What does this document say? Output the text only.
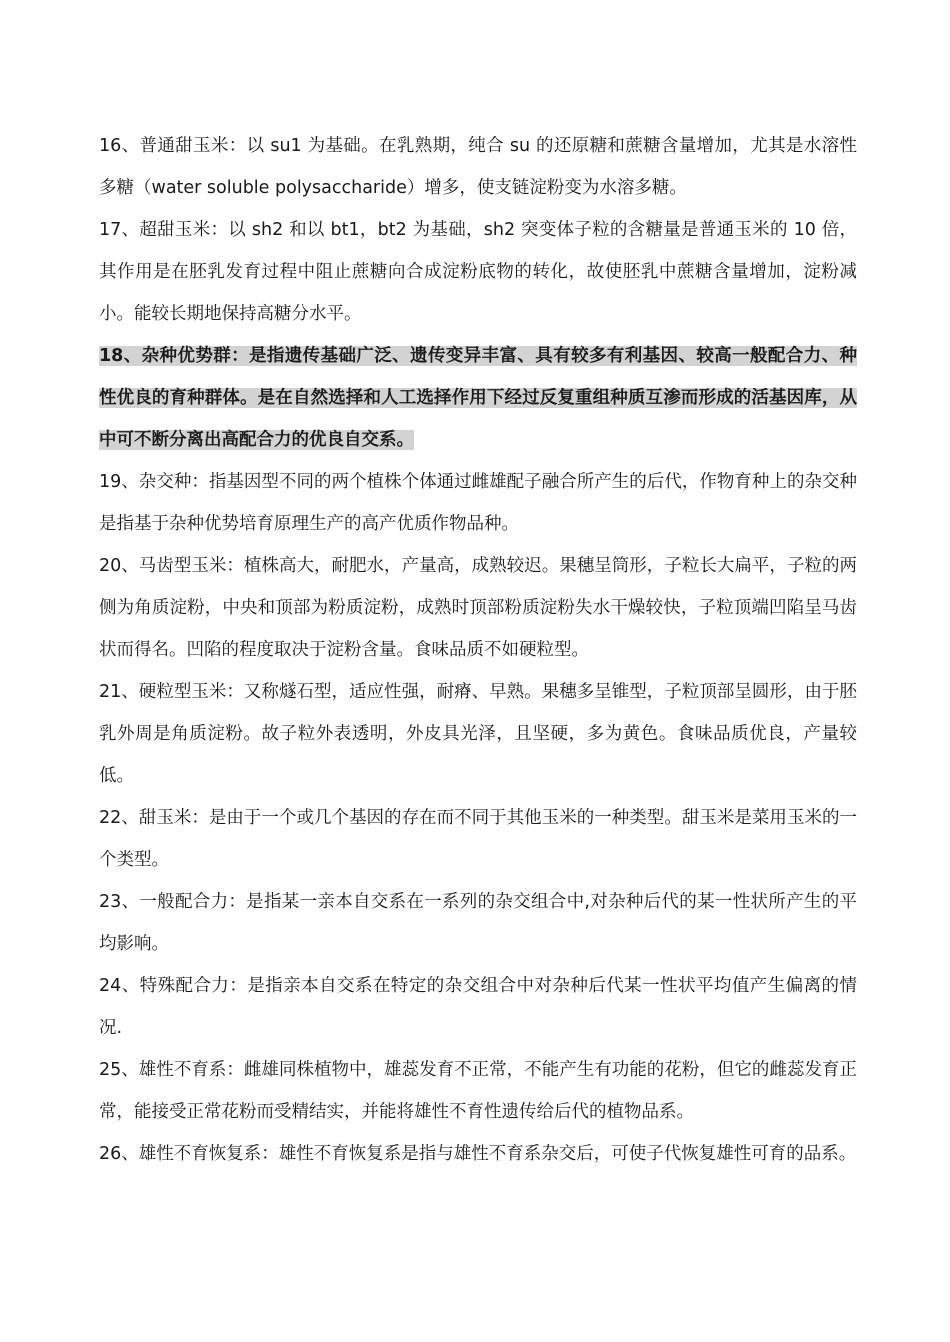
16、普通甜玉米：以 su1 为基础。在乳熟期，纯合 su 的还原糖和蔗糖含量增加，尤其是水溶性多糖（water soluble polysaccharide）增多，使支链淀粉变为水溶多糖。

17、超甜玉米：以 sh2 和以 bt1，bt2 为基础，sh2 突变体子粒的含糖量是普通玉米的 10 倍，其作用是在胚乳发育过程中阻止蔗糖向合成淀粉底物的转化，故使胚乳中蔗糖含量增加，淀粉减小。能较长期地保持高糖分水平。

18、杂种优势群：是指遗传基础广泛、遗传变异丰富、具有较多有利基因、较高一般配合力、种性优良的育种群体。是在自然选择和人工选择作用下经过反复重组种质互渗而形成的活基因库，从中可不断分离出高配合力的优良自交系。

19、杂交种：指基因型不同的两个植株个体通过雌雄配子融合所产生的后代，作物育种上的杂交种是指基于杂种优势培育原理生产的高产优质作物品种。

20、马齿型玉米：植株高大，耐肥水，产量高，成熟较迟。果穗呈筒形，子粒长大扁平，子粒的两侧为角质淀粉，中央和顶部为粉质淀粉，成熟时顶部粉质淀粉失水干燥较快，子粒顶端凹陷呈马齿状而得名。凹陷的程度取决于淀粉含量。食味品质不如硬粒型。

21、硬粒型玉米：又称燧石型，适应性强，耐瘠、早熟。果穗多呈锥型，子粒顶部呈圆形，由于胚乳外周是角质淀粉。故子粒外表透明，外皮具光泽，且坚硬，多为黄色。食味品质优良，产量较低。

22、甜玉米：是由于一个或几个基因的存在而不同于其他玉米的一种类型。甜玉米是菜用玉米的一个类型。

23、一般配合力：是指某一亲本自交系在一系列的杂交组合中,对杂种后代的某一性状所产生的平均影响。

24、特殊配合力：是指亲本自交系在特定的杂交组合中对杂种后代某一性状平均值产生偏离的情况.

25、雄性不育系：雌雄同株植物中，雄蕊发育不正常，不能产生有功能的花粉，但它的雌蕊发育正常，能接受正常花粉而受精结实，并能将雄性不育性遗传给后代的植物品系。

26、雄性不育恢复系：雄性不育恢复系是指与雄性不育系杂交后，可使子代恢复雄性可育的品系。
